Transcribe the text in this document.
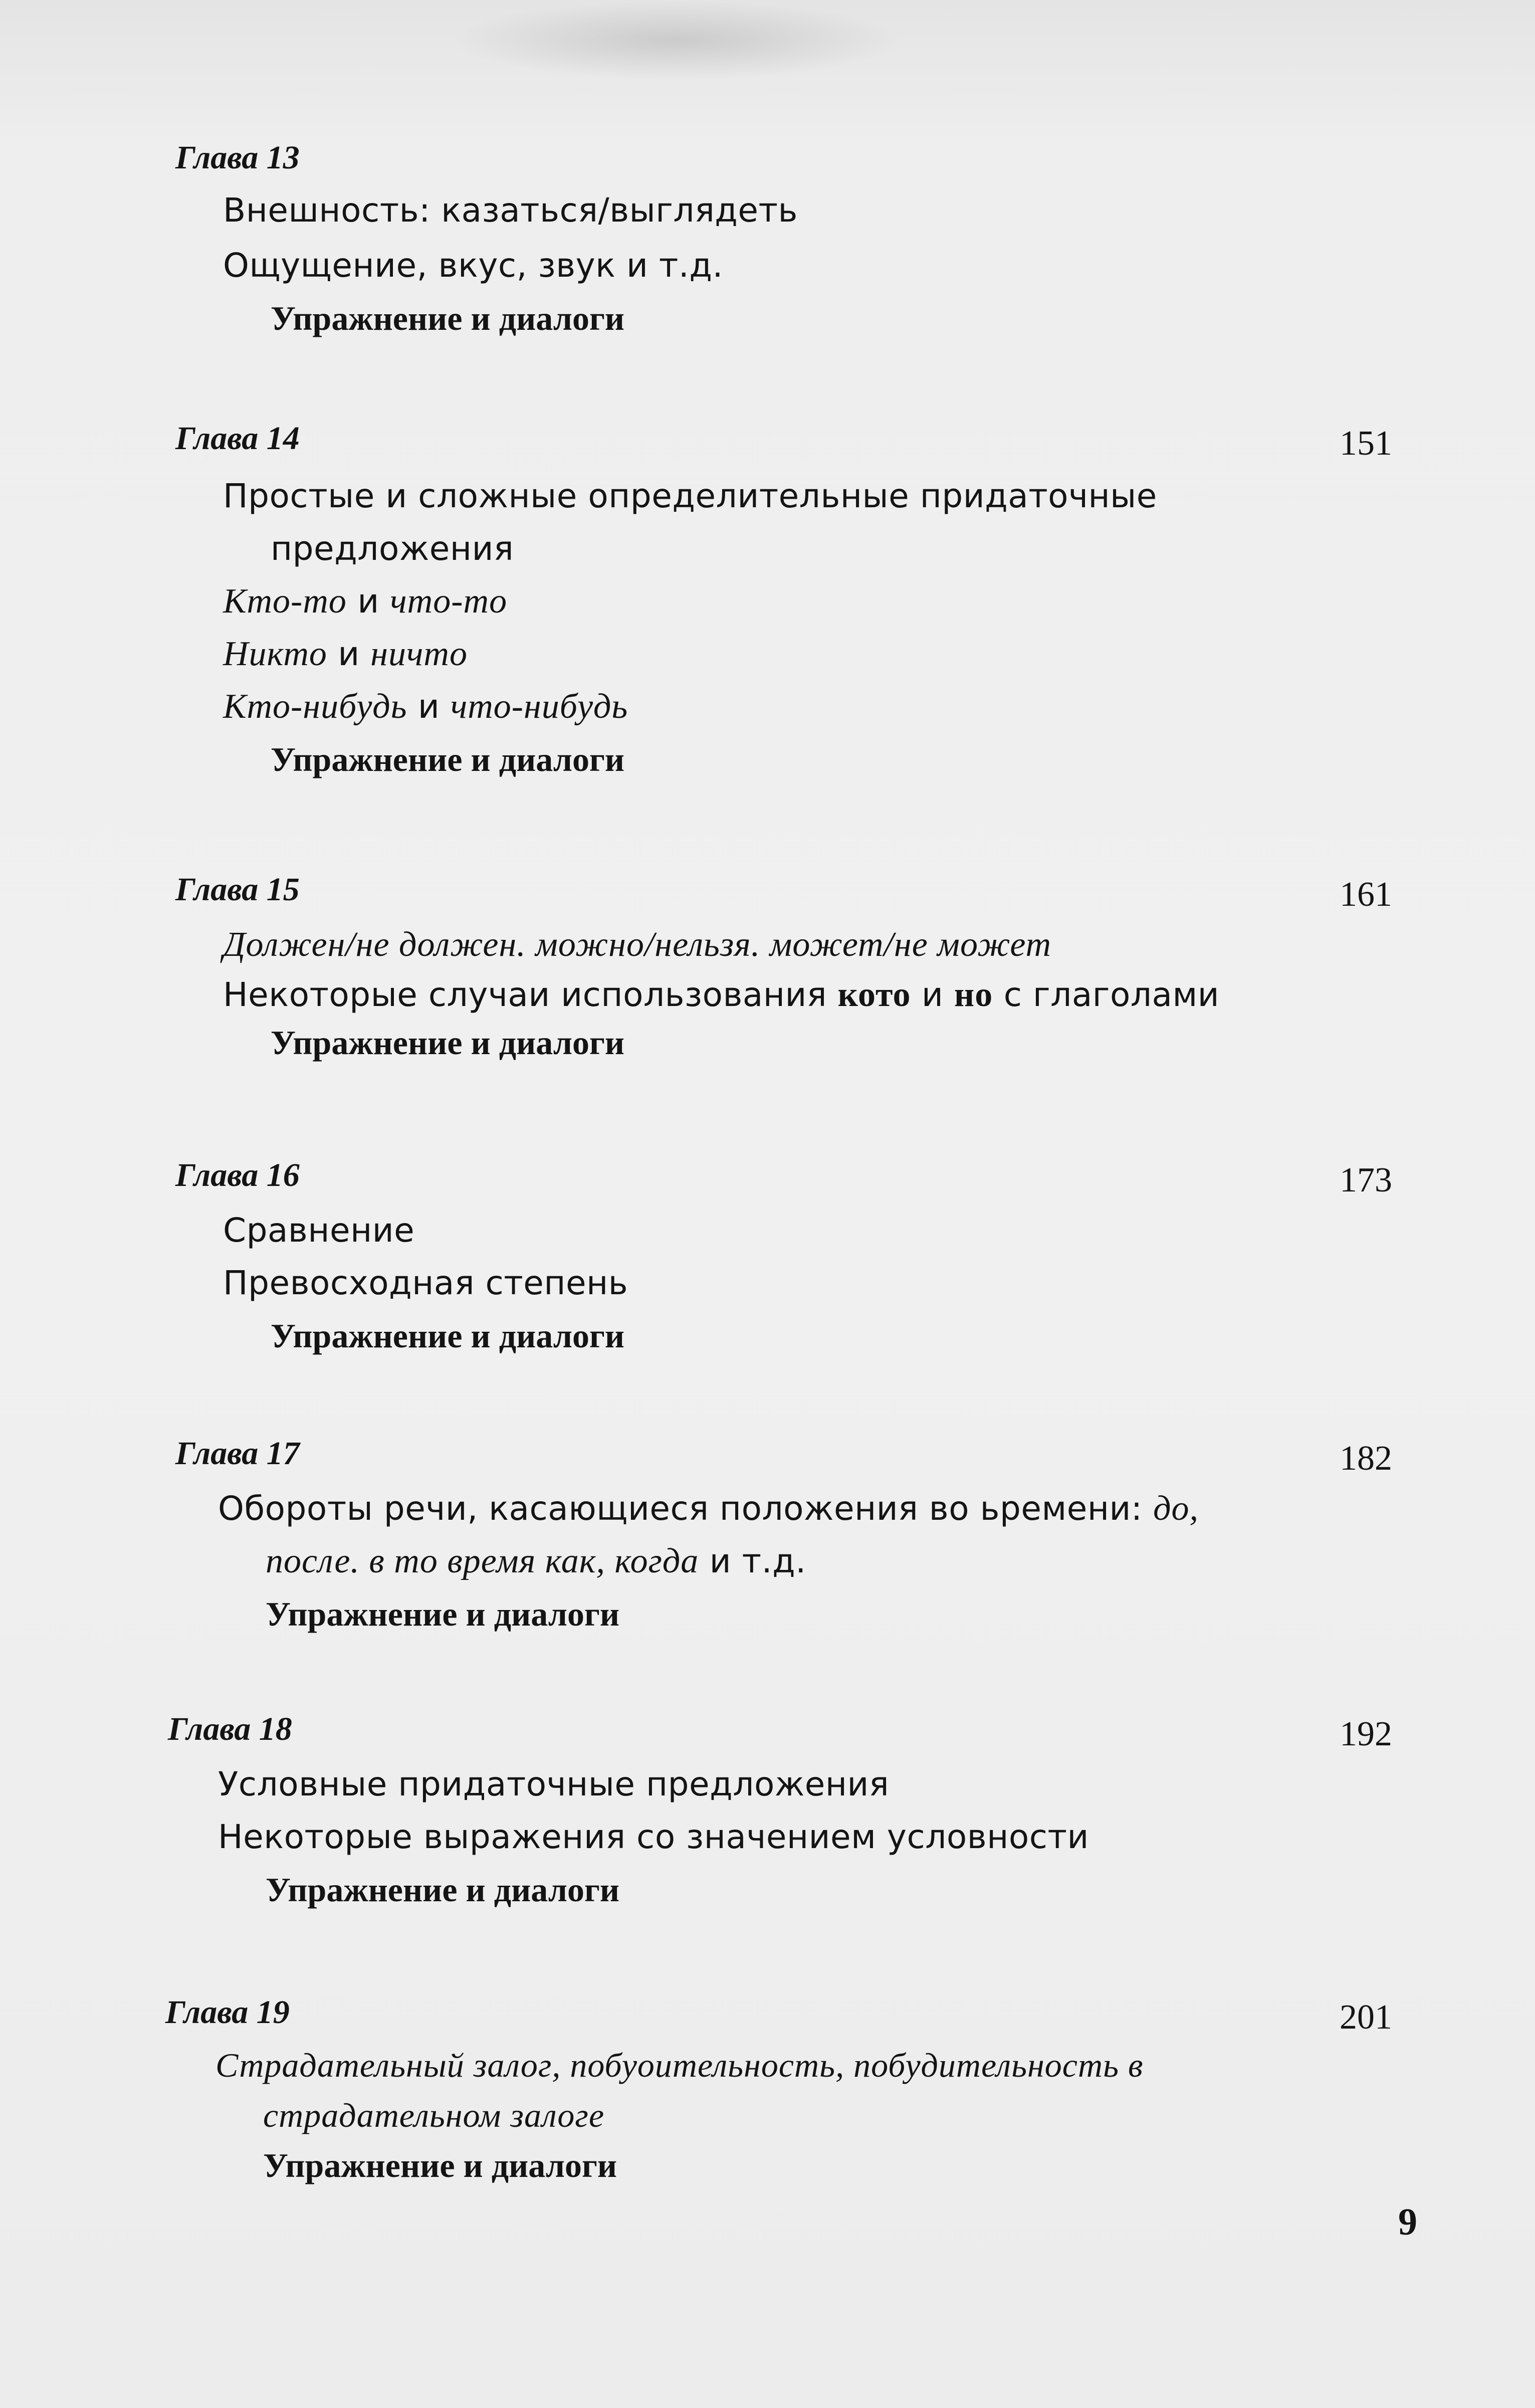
Глава 13
Внешность: казаться/выглядеть
Ощущение, вкус, звук и т.д.
Упражнение и диалоги
Глава 14	151
Простые и сложные определительные придаточные
предложения
Кто-то и что-то
Никто и ничто
Кто-нибудь и что-нибудь
Упражнение и диалоги
Глава 15	161
Должен/не должен. можно/нельзя. может/не может
Некоторые случаи использования кото и но с глаголами
Упражнение и диалоги
Глава 16	173
Сравнение
Превосходная степень
Упражнение и диалоги
Глава 17	182
Обороты речи, касающиеся положения во ьремени: до,
после. в то время как, когда и т.д.
Упражнение и диалоги
Глава 18	192
Условные придаточные предложения
Некоторые выражения со значением условности
Упражнение и диалоги
Глава 19	201
Страдательный залог, побуоительность, побудительность в
страдательном залоге
Упражнение и диалоги
9
